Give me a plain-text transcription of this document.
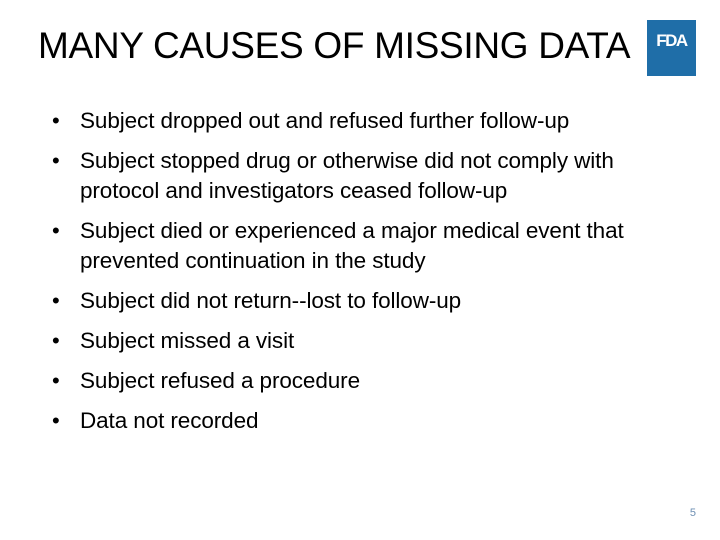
MANY CAUSES OF MISSING DATA	FDA
• Subject dropped out and refused further follow-up
• Subject stopped drug or otherwise did not comply with protocol and investigators ceased follow-up
• Subject died or experienced a major medical event that prevented continuation in the study
• Subject did not return--lost to follow-up
• Subject missed a visit
• Subject refused a procedure
• Data not recorded
5
